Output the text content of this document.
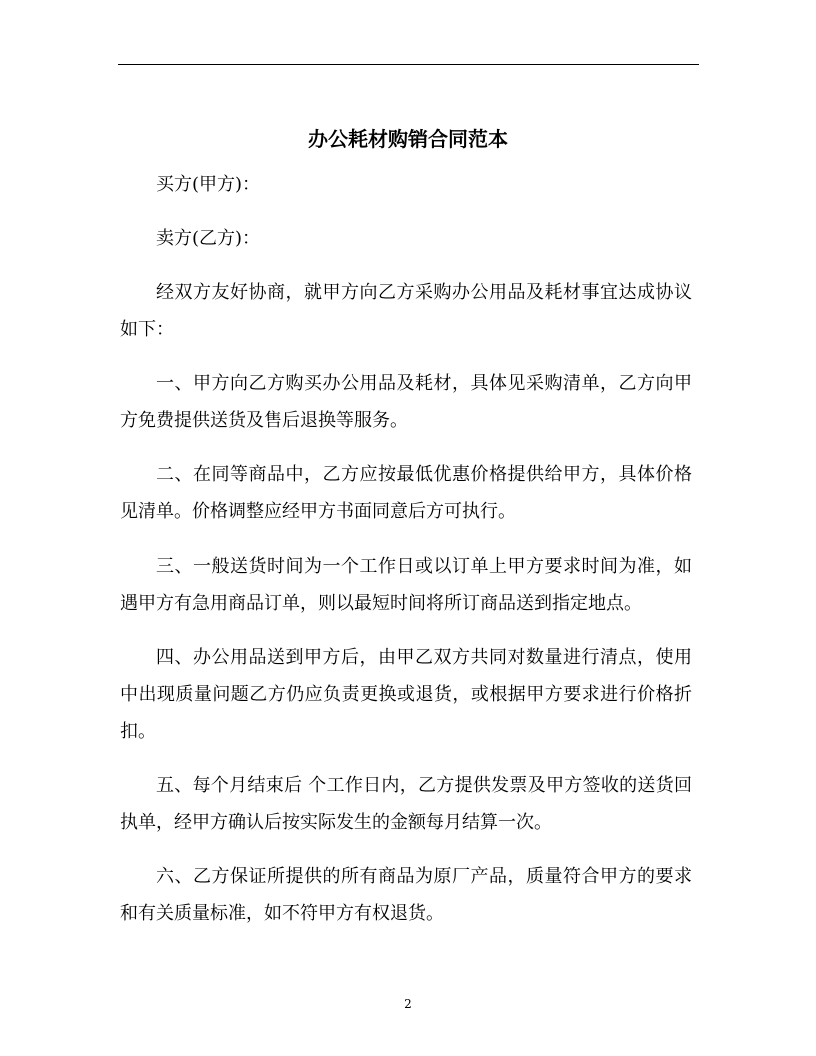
办公耗材购销合同范本

买方(甲方)：

卖方(乙方)：

经双方友好协商，就甲方向乙方采购办公用品及耗材事宜达成协议如下：

一、甲方向乙方购买办公用品及耗材，具体见采购清单，乙方向甲方免费提供送货及售后退换等服务。

二、在同等商品中，乙方应按最低优惠价格提供给甲方，具体价格见清单。价格调整应经甲方书面同意后方可执行。

三、一般送货时间为一个工作日或以订单上甲方要求时间为准，如遇甲方有急用商品订单，则以最短时间将所订商品送到指定地点。

四、办公用品送到甲方后，由甲乙双方共同对数量进行清点，使用中出现质量问题乙方仍应负责更换或退货，或根据甲方要求进行价格折扣。

五、每个月结束后 个工作日内，乙方提供发票及甲方签收的送货回执单，经甲方确认后按实际发生的金额每月结算一次。

六、乙方保证所提供的所有商品为原厂产品，质量符合甲方的要求和有关质量标准，如不符甲方有权退货。

2
